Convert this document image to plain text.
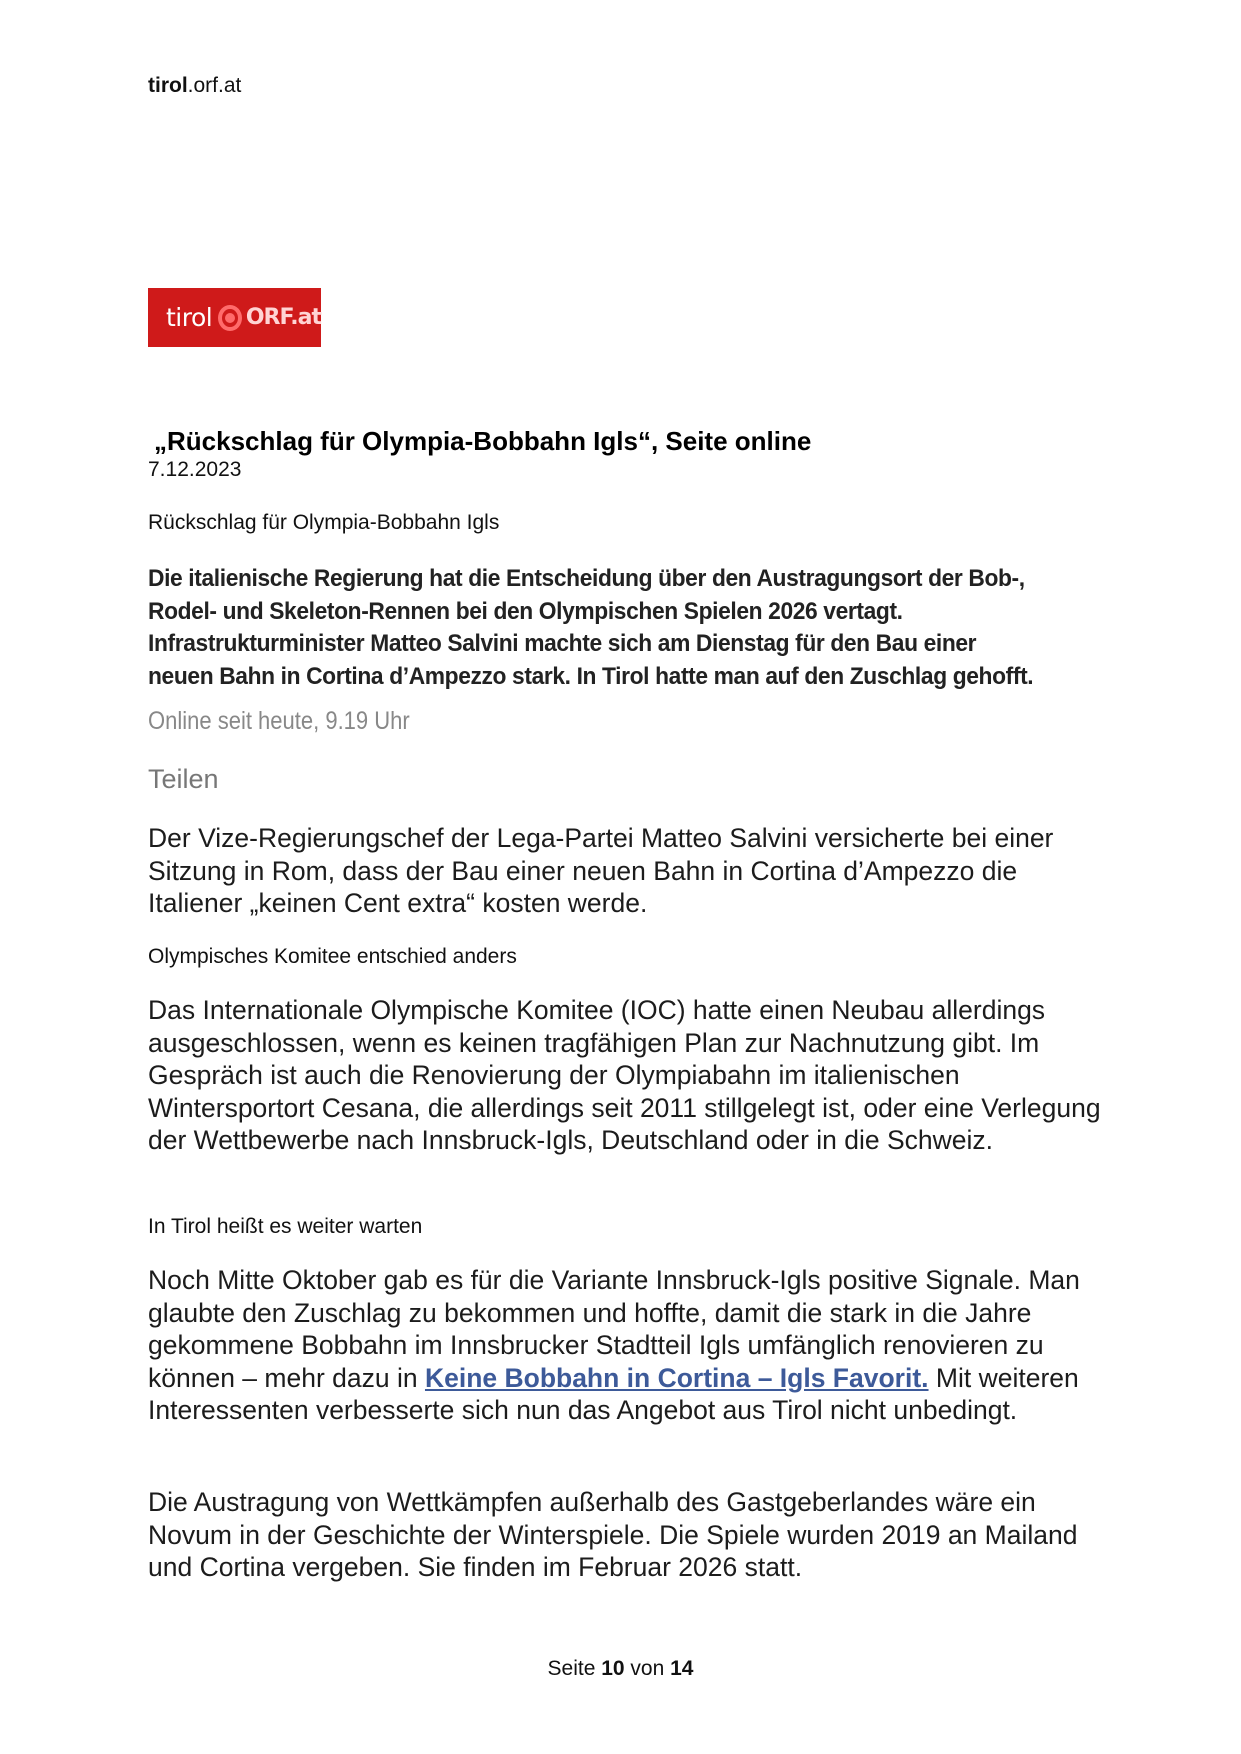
tirol.orf.at
tirol ORF.at
„Rückschlag für Olympia-Bobbahn Igls“, Seite online
7.12.2023
Rückschlag für Olympia-Bobbahn Igls
Die italienische Regierung hat die Entscheidung über den Austragungsort der Bob-, Rodel- und Skeleton-Rennen bei den Olympischen Spielen 2026 vertagt. Infrastrukturminister Matteo Salvini machte sich am Dienstag für den Bau einer neuen Bahn in Cortina d’Ampezzo stark. In Tirol hatte man auf den Zuschlag gehofft.
Online seit heute, 9.19 Uhr
Teilen
Der Vize-Regierungschef der Lega-Partei Matteo Salvini versicherte bei einer Sitzung in Rom, dass der Bau einer neuen Bahn in Cortina d’Ampezzo die Italiener „keinen Cent extra“ kosten werde.
Olympisches Komitee entschied anders
Das Internationale Olympische Komitee (IOC) hatte einen Neubau allerdings ausgeschlossen, wenn es keinen tragfähigen Plan zur Nachnutzung gibt. Im Gespräch ist auch die Renovierung der Olympiabahn im italienischen Wintersportort Cesana, die allerdings seit 2011 stillgelegt ist, oder eine Verlegung der Wettbewerbe nach Innsbruck-Igls, Deutschland oder in die Schweiz.
In Tirol heißt es weiter warten
Noch Mitte Oktober gab es für die Variante Innsbruck-Igls positive Signale. Man glaubte den Zuschlag zu bekommen und hoffte, damit die stark in die Jahre gekommene Bobbahn im Innsbrucker Stadtteil Igls umfänglich renovieren zu können – mehr dazu in Keine Bobbahn in Cortina – Igls Favorit. Mit weiteren Interessenten verbesserte sich nun das Angebot aus Tirol nicht unbedingt.
Die Austragung von Wettkämpfen außerhalb des Gastgeberlandes wäre ein Novum in der Geschichte der Winterspiele. Die Spiele wurden 2019 an Mailand und Cortina vergeben. Sie finden im Februar 2026 statt.
Seite 10 von 14
